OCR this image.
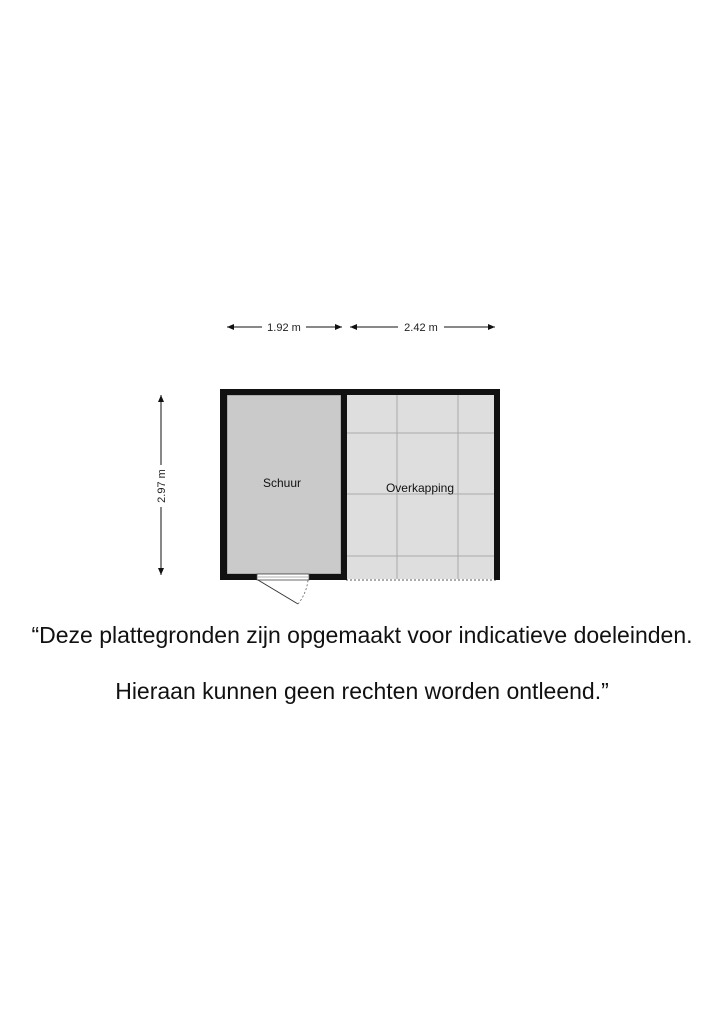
1.92 m	2.42 m
2.97 m	Overkapping
Schuur
“Deze plattegronden zijn opgemaakt voor indicatieve doeleinden.
Hieraan kunnen geen rechten worden ontleend.”
